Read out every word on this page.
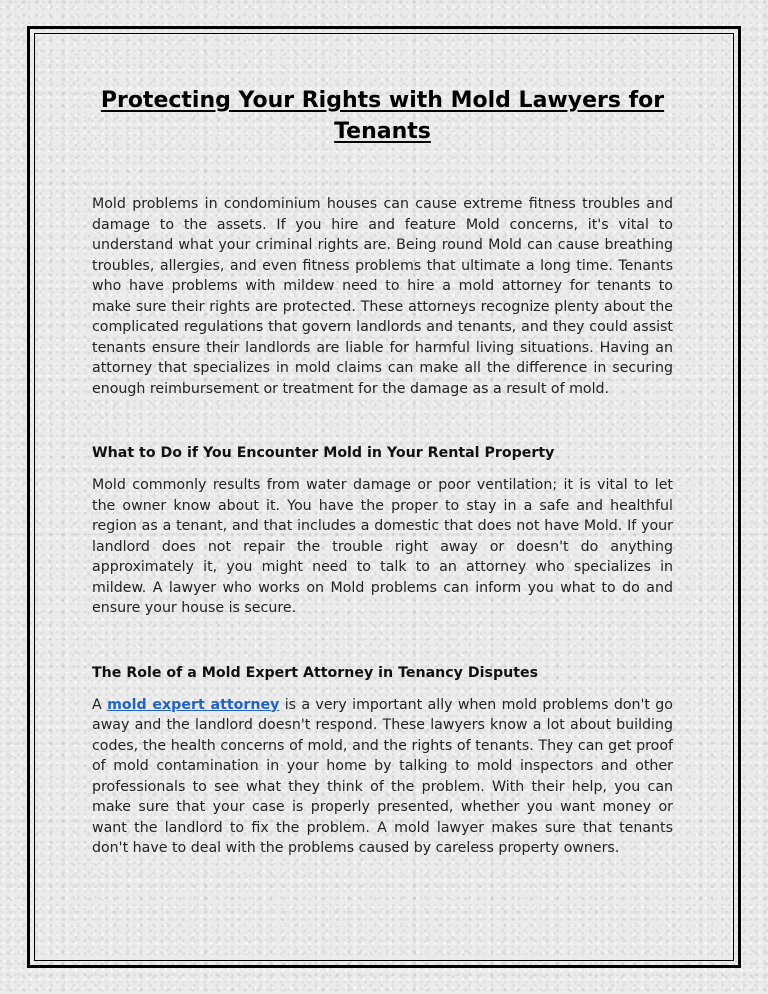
Protecting Your Rights with Mold Lawyers for Tenants

Mold problems in condominium houses can cause extreme fitness troubles and damage to the assets. If you hire and feature Mold concerns, it's vital to understand what your criminal rights are. Being round Mold can cause breathing troubles, allergies, and even fitness problems that ultimate a long time. Tenants who have problems with mildew need to hire a mold attorney for tenants to make sure their rights are protected. These attorneys recognize plenty about the complicated regulations that govern landlords and tenants, and they could assist tenants ensure their landlords are liable for harmful living situations. Having an attorney that specializes in mold claims can make all the difference in securing enough reimbursement or treatment for the damage as a result of mold.

What to Do if You Encounter Mold in Your Rental Property

Mold commonly results from water damage or poor ventilation; it is vital to let the owner know about it. You have the proper to stay in a safe and healthful region as a tenant, and that includes a domestic that does not have Mold. If your landlord does not repair the trouble right away or doesn't do anything approximately it, you might need to talk to an attorney who specializes in mildew. A lawyer who works on Mold problems can inform you what to do and ensure your house is secure.

The Role of a Mold Expert Attorney in Tenancy Disputes

A mold expert attorney is a very important ally when mold problems don't go away and the landlord doesn't respond. These lawyers know a lot about building codes, the health concerns of mold, and the rights of tenants. They can get proof of mold contamination in your home by talking to mold inspectors and other professionals to see what they think of the problem. With their help, you can make sure that your case is properly presented, whether you want money or want the landlord to fix the problem. A mold lawyer makes sure that tenants don't have to deal with the problems caused by careless property owners.
